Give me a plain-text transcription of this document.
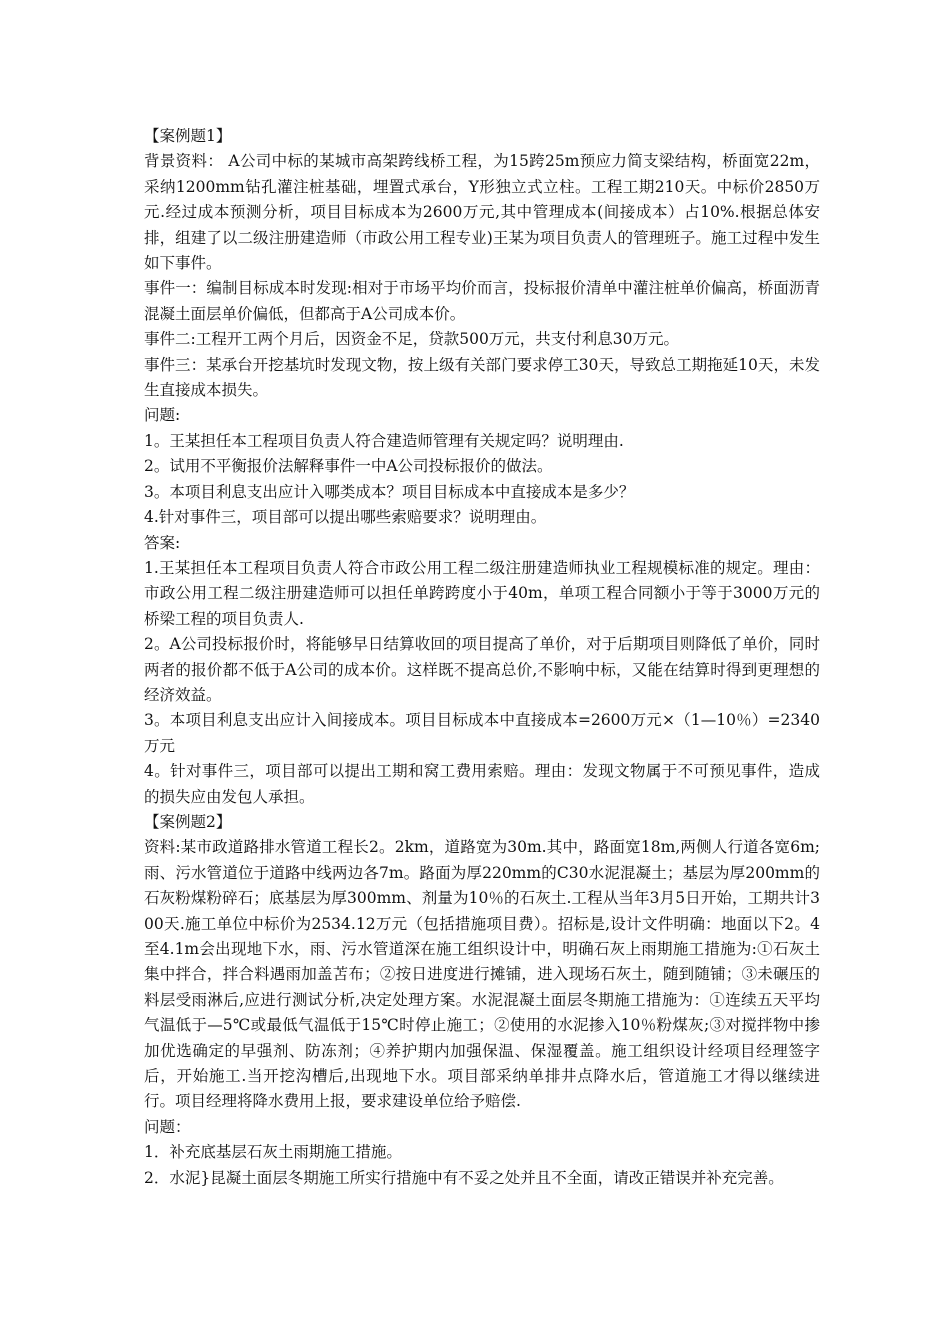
【案例题1】

背景资料： A公司中标的某城市高架跨线桥工程，为15跨25m预应力简支梁结构，桥面宽22m，采纳1200mm钻孔灌注桩基础，埋置式承台，Y形独立式立柱。工程工期210天。中标价2850万元.经过成本预测分析，项目目标成本为2600万元,其中管理成本(间接成本）占10%.根据总体安排，组建了以二级注册建造师（市政公用工程专业)王某为项目负责人的管理班子。施工过程中发生如下事件。

事件一：编制目标成本时发现:相对于市场平均价而言，投标报价清单中灌注桩单价偏高，桥面沥青混凝土面层单价偏低，但都高于A公司成本价。

事件二:工程开工两个月后，因资金不足，贷款500万元，共支付利息30万元。

事件三：某承台开挖基坑时发现文物，按上级有关部门要求停工30天，导致总工期拖延10天，未发生直接成本损失。

问题:

1。王某担任本工程项目负责人符合建造师管理有关规定吗？说明理由.

2。试用不平衡报价法解释事件一中A公司投标报价的做法。

3。本项目利息支出应计入哪类成本？项目目标成本中直接成本是多少？

4.针对事件三，项目部可以提出哪些索赔要求？说明理由。

答案:

1.王某担任本工程项目负责人符合市政公用工程二级注册建造师执业工程规模标准的规定。理由：市政公用工程二级注册建造师可以担任单跨跨度小于40m，单项工程合同额小于等于3000万元的桥梁工程的项目负责人.

2。A公司投标报价时，将能够早日结算收回的项目提高了单价，对于后期项目则降低了单价，同时两者的报价都不低于A公司的成本价。这样既不提高总价,不影响中标，又能在结算时得到更理想的经济效益。

3。本项目利息支出应计入间接成本。项目目标成本中直接成本=2600万元×（1—10％）=2340万元

4。针对事件三，项目部可以提出工期和窝工费用索赔。理由：发现文物属于不可预见事件，造成的损失应由发包人承担。

【案例题2】

资料:某市政道路排水管道工程长2。2km，道路宽为30m.其中，路面宽18m,两侧人行道各宽6m;雨、污水管道位于道路中线两边各7m。路面为厚220mm的C30水泥混凝土；基层为厚200mm的石灰粉煤粉碎石；底基层为厚300mm、剂量为10％的石灰土.工程从当年3月5日开始，工期共计300天.施工单位中标价为2534.12万元（包括措施项目费）。招标是,设计文件明确：地面以下2。4至4.1m会出现地下水，雨、污水管道深在施工组织设计中，明确石灰上雨期施工措施为:①石灰土集中拌合，拌合料遇雨加盖苫布；②按日进度进行摊铺，进入现场石灰土，随到随铺；③未碾压的料层受雨淋后,应进行测试分析,决定处理方案。水泥混凝土面层冬期施工措施为：①连续五天平均气温低于—5℃或最低气温低于15℃时停止施工；②使用的水泥掺入10％粉煤灰;③对搅拌物中掺加优选确定的早强剂、防冻剂；④养护期内加强保温、保湿覆盖。施工组织设计经项目经理签字后，开始施工.当开挖沟槽后,出现地下水。项目部采纳单排井点降水后，管道施工才得以继续进行。项目经理将降水费用上报，要求建设单位给予赔偿.

问题：

1．补充底基层石灰土雨期施工措施。

2．水泥}昆凝土面层冬期施工所实行措施中有不妥之处并且不全面，请改正错误并补充完善。
